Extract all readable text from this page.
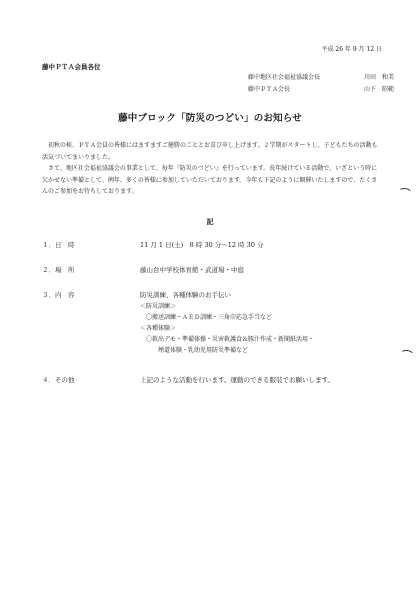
平成 26 年 9 月 12 日
藤中ＰＴＡ会員各位
藤中地区社会福祉協議会長	川田　和美
藤中ＰＴＡ会長	山下　昭範
藤中ブロック「防災のつどい」のお知らせ
　初秋の候、ＰＴＡ会員の皆様にはますますご健勝のこととお喜び申し上げます。２学期がスタートし、子どもたちの活動も活気づいてまいりました。
　さて、地区社会福祉協議会の事業として、毎年『防災のつどい』を行っています。長年続けている活動で、いざという時に欠かせない準備として、例年、多くの皆様に参加していただいております。今年も下記のように開催いたしますので、たくさんのご参加をお待ちしております。
記
１．日　時	11 月 1 日(土)　8 時 30 分～12 時 30 分
２．場　所	藤山台中学校体育館・武道場・中庭
３．内　容	防災訓練、各種体験のお手伝い
＜防災訓練＞
〇搬送訓練・ＡＥＤ訓練・三角巾応急手当など
＜各種体験＞
〇救出デモ・準備体操・災害救護食＆豚汁作成・新聞紙活用・
煙道体験・乳幼児用防災準備など
４．その他	上記のような活動を行います。運動のできる服装でお願いします。
